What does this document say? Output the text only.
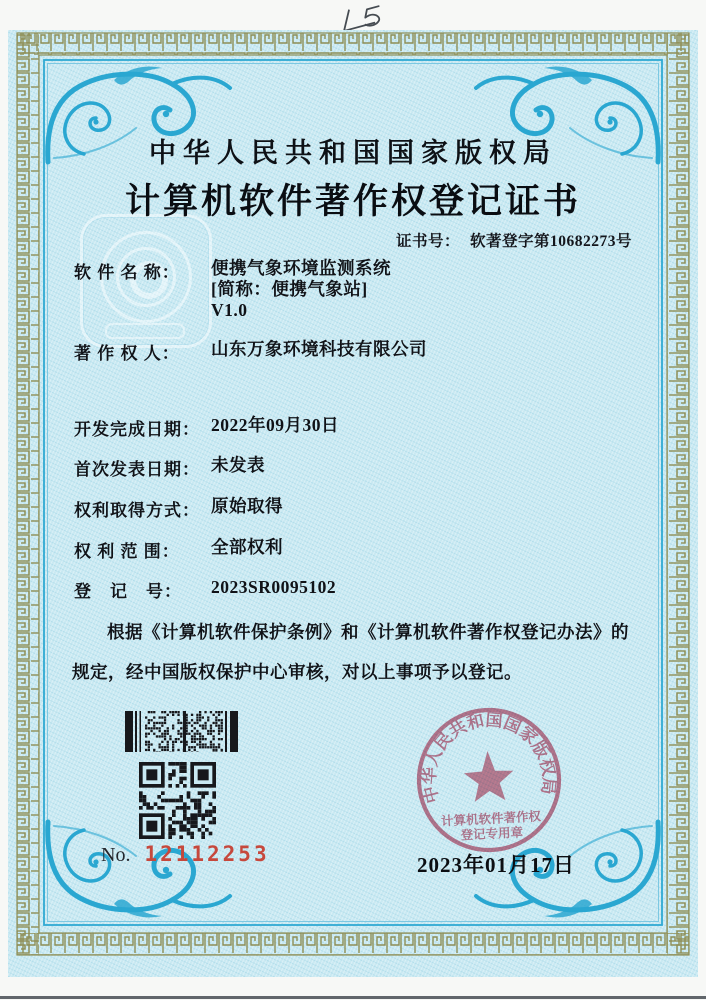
中华人民共和国国家版权局
计算机软件著作权登记证书
证书号： 软著登字第10682273号
软 件 名 称：	便携气象环境监测系统
[简称：便携气象站]
V1.0
著 作 权 人：	山东万象环境科技有限公司
开发完成日期： 2022年09月30日
首次发表日期： 未发表
权利取得方式： 原始取得
权 利 范 围：	全部权利
登　记　号：	2023SR0095102
根据《计算机软件保护条例》和《计算机软件著作权登记办法》的规定，经中国版权保护中心审核，对以上事项予以登记。
No. 12112253
中华人民共和国国家版权局
计算机软件著作权
登记专用章
2023年01月17日
